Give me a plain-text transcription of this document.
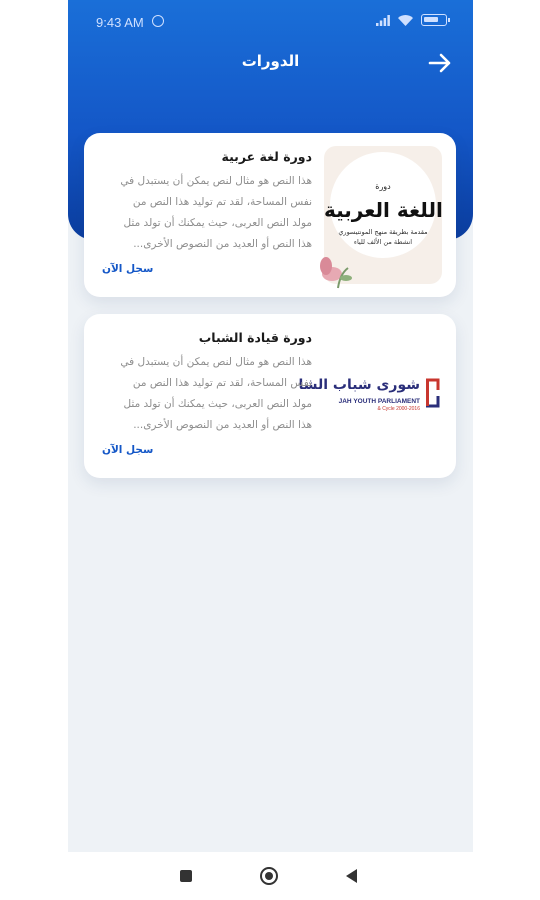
9:43 AM
الدورات
دورة
اللغة العربية
مقدمة بطريقة منهج المونتيسوري
انشطة من الألف للياء
دورة لغة عربية
هذا النص هو مثال لنص يمكن أن يستبدل في
نفس المساحة، لقد تم توليد هذا النص من
مولد النص العربى، حيث يمكنك أن تولد مثل
هذا النص أو العديد من النصوص الأخرى...
سجل الآن
شورى شباب الشا
JAH YOUTH PARLIAMENT
& Cycle 2000-2016
دورة قيادة الشباب
هذا النص هو مثال لنص يمكن أن يستبدل في
نفس المساحة، لقد تم توليد هذا النص من
مولد النص العربى، حيث يمكنك أن تولد مثل
هذا النص أو العديد من النصوص الأخرى...
سجل الآن
